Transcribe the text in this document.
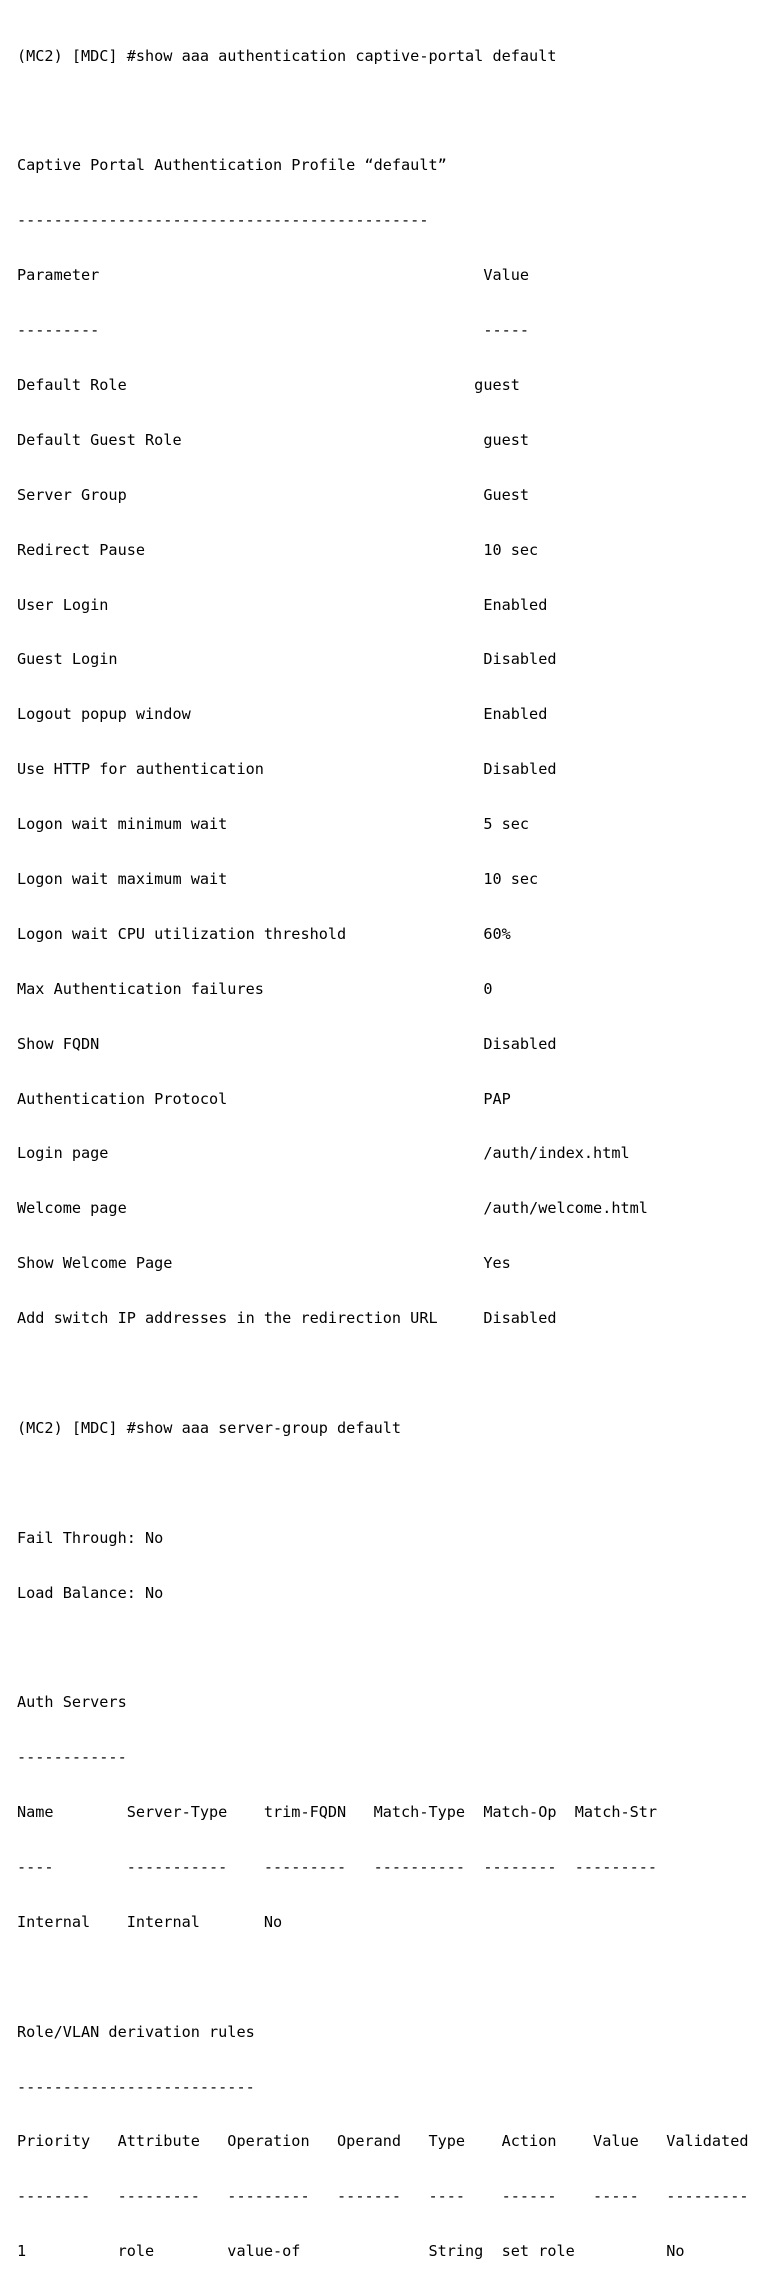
(MC2) [MDC] #show aaa authentication captive-portal default

Captive Portal Authentication Profile “default”

---------------------------------------------

Parameter                                          Value

---------                                          -----

Default Role                                      guest

Default Guest Role                                 guest

Server Group                                       Guest

Redirect Pause                                     10 sec

User Login                                         Enabled

Guest Login                                        Disabled

Logout popup window                                Enabled

Use HTTP for authentication                        Disabled

Logon wait minimum wait                            5 sec

Logon wait maximum wait                            10 sec

Logon wait CPU utilization threshold               60%

Max Authentication failures                        0

Show FQDN                                          Disabled

Authentication Protocol                            PAP

Login page                                         /auth/index.html

Welcome page                                       /auth/welcome.html

Show Welcome Page                                  Yes

Add switch IP addresses in the redirection URL     Disabled

(MC2) [MDC] #show aaa server-group default

Fail Through: No

Load Balance: No

Auth Servers

------------

Name        Server-Type    trim-FQDN   Match-Type  Match-Op  Match-Str

----        -----------    ---------   ----------  --------  ---------

Internal    Internal       No

Role/VLAN derivation rules

--------------------------

Priority   Attribute   Operation   Operand   Type    Action    Value   Validated

--------   ---------   ---------   -------   ----    ------    -----   ---------

1          role        value-of              String  set role          No
